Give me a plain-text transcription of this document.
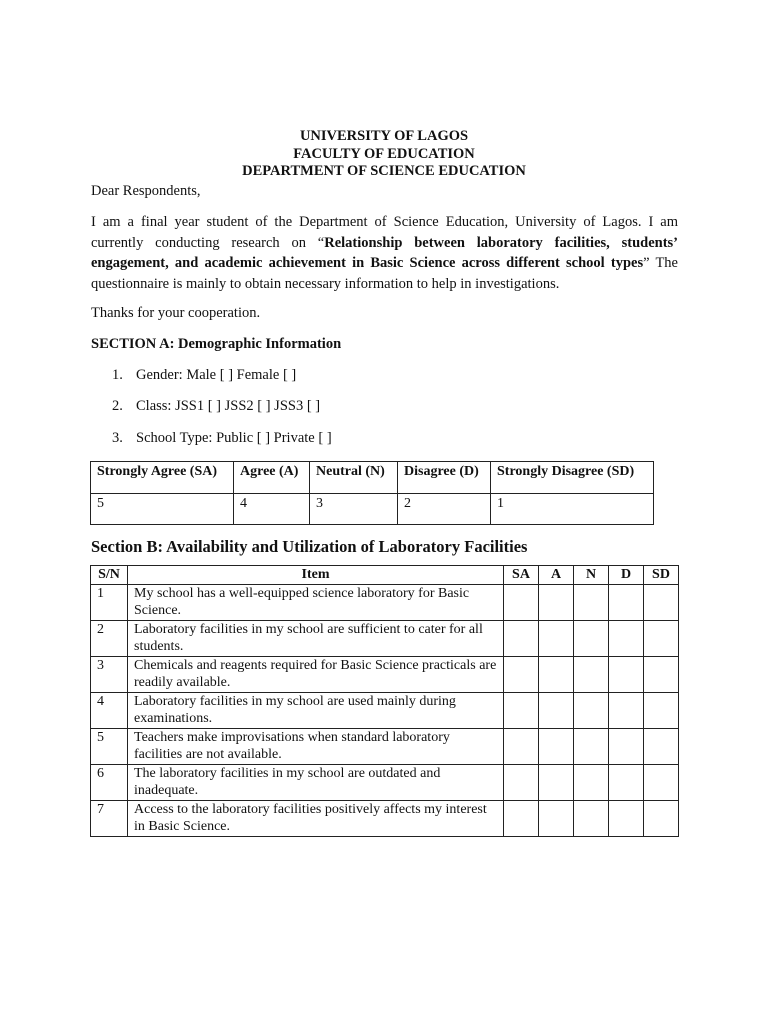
UNIVERSITY OF LAGOS
FACULTY OF EDUCATION
DEPARTMENT OF SCIENCE EDUCATION
Dear Respondents,
I am a final year student of the Department of Science Education, University of Lagos. I am currently conducting research on “Relationship between laboratory facilities, students’ engagement, and academic achievement in Basic Science across different school types” The questionnaire is mainly to obtain necessary information to help in investigations.
Thanks for your cooperation.
SECTION A: Demographic Information
1. Gender: Male [ ] Female [ ]
2. Class: JSS1 [ ] JSS2 [ ] JSS3 [ ]
3. School Type: Public [ ] Private [ ]
Strongly Agree (SA)	Agree (A)	Neutral (N)	Disagree (D)	Strongly Disagree (SD)
5	4	3	2	1
Section B: Availability and Utilization of Laboratory Facilities
S/N	Item	SA	A	N	D	SD
1	My school has a well-equipped science laboratory for Basic Science.					
2	Laboratory facilities in my school are sufficient to cater for all students.					
3	Chemicals and reagents required for Basic Science practicals are readily available.					
4	Laboratory facilities in my school are used mainly during examinations.					
5	Teachers make improvisations when standard laboratory facilities are not available.					
6	The laboratory facilities in my school are outdated and inadequate.					
7	Access to the laboratory facilities positively affects my interest in Basic Science.					
